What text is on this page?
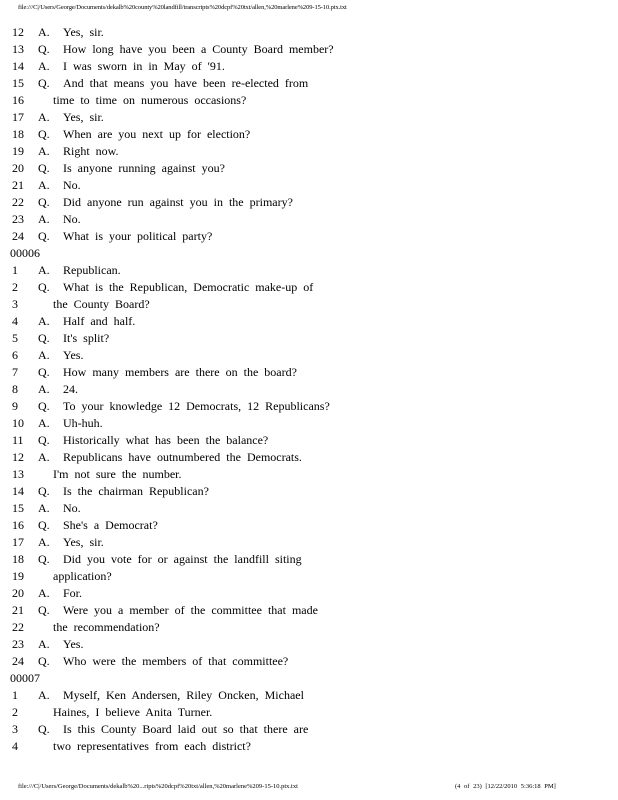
file:///C|/Users/George/Documents/dekalb%20county%20landfill/transcripts%20dcpf%20txt/allen,%20marlene%209-15-10.ptx.txt
12	A. Yes, sir.
13	Q. How long have you been a County Board member?
14	A. I was sworn in in May of '91.
15	Q. And that means you have been re-elected from
16	time to time on numerous occasions?
17	A. Yes, sir.
18	Q. When are you next up for election?
19	A. Right now.
20	Q. Is anyone running against you?
21	A. No.
22	Q. Did anyone run against you in the primary?
23	A. No.
24	Q. What is your political party?
00006
1	A. Republican.
2	Q. What is the Republican, Democratic make-up of
3	the County Board?
4	A. Half and half.
5	Q. It's split?
6	A. Yes.
7	Q. How many members are there on the board?
8	A. 24.
9	Q. To your knowledge 12 Democrats, 12 Republicans?
10	A. Uh-huh.
11	Q. Historically what has been the balance?
12	A. Republicans have outnumbered the Democrats.
13	I'm not sure the number.
14	Q. Is the chairman Republican?
15	A. No.
16	Q. She's a Democrat?
17	A. Yes, sir.
18	Q. Did you vote for or against the landfill siting
19	application?
20	A. For.
21	Q. Were you a member of the committee that made
22	the recommendation?
23	A. Yes.
24	Q. Who were the members of that committee?
00007
1	A. Myself, Ken Andersen, Riley Oncken, Michael
2	Haines, I believe Anita Turner.
3	Q. Is this County Board laid out so that there are
4	two representatives from each district?
file:///C|/Users/George/Documents/dekalb%20...ripts%20dcpf%20txt/allen,%20marlene%209-15-10.ptx.txt	(4 of 23) [12/22/2010 5:36:18 PM]
